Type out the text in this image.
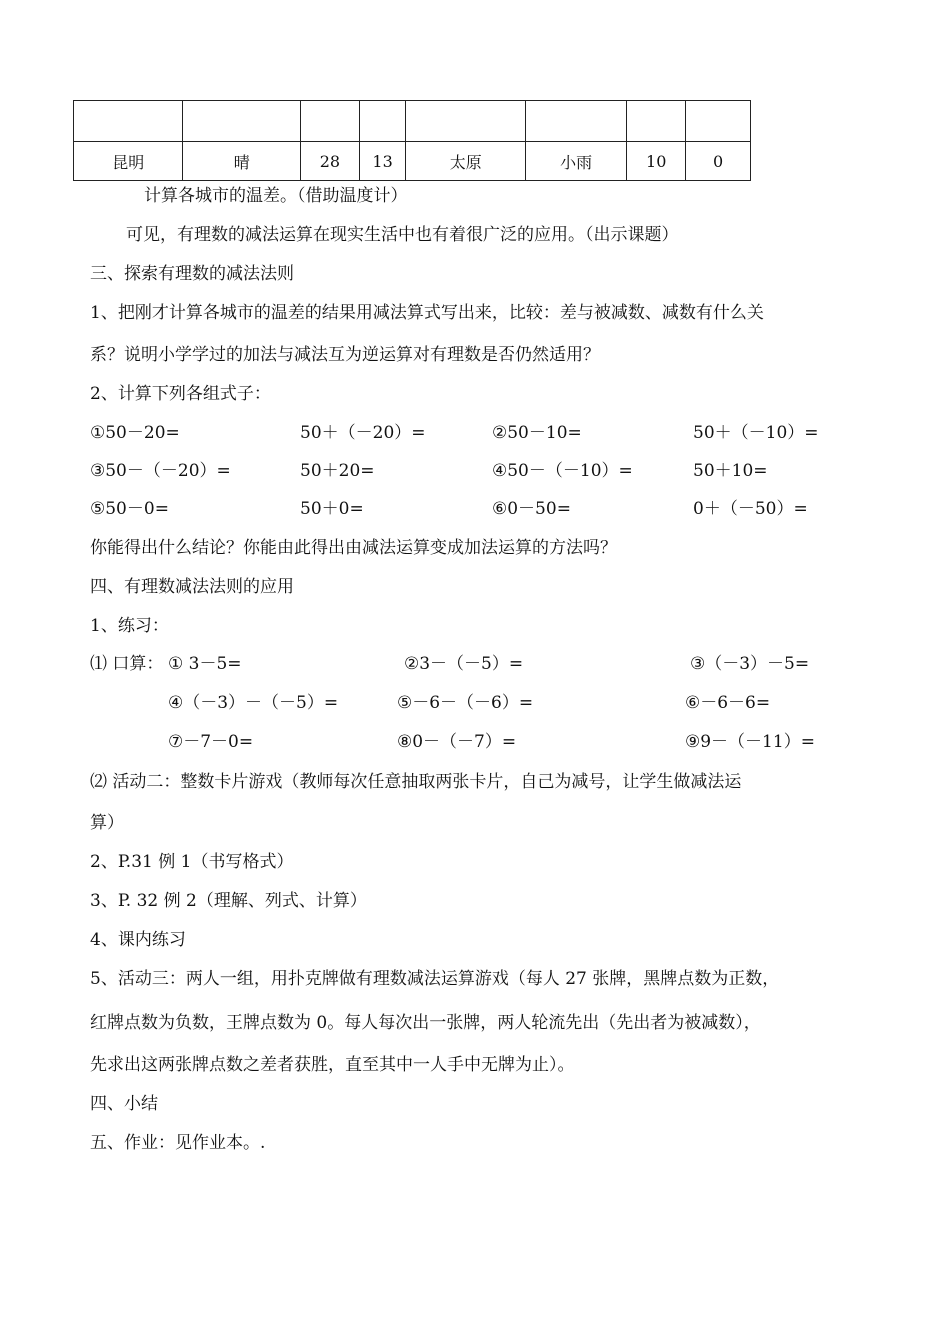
昆明	晴	28	13	太原	小雨	10	0
计算各城市的温差。（借助温度计）
可见，有理数的减法运算在现实生活中也有着很广泛的应用。（出示课题）
三、探索有理数的减法法则
1、把刚才计算各城市的温差的结果用减法算式写出来，比较：差与被减数、减数有什么关
系？说明小学学过的加法与减法互为逆运算对有理数是否仍然适用？
2、计算下列各组式子：
①50－20=	50＋（－20）=	②50－10=	50＋（－10）=
③50－（－20）=	50＋20=	④50－（－10）=	50＋10=
⑤50－0=	50＋0=	⑥0－50=	0＋（－50）=
你能得出什么结论？你能由此得出由减法运算变成加法运算的方法吗？
四、有理数减法法则的应用
1、练习：
⑴ 口算： ① 3－5=	②3－（－5）=	③（－3）－5=
④（－3）－（－5）=	⑤－6－（－6）=	⑥－6－6=
⑦－7－0=	⑧0－（－7）=	⑨9－（－11）=
⑵ 活动二：整数卡片游戏（教师每次任意抽取两张卡片，自己为减号，让学生做减法运
算）
2、P.31 例 1（书写格式）
3、P. 32 例 2（理解、列式、计算）
4、课内练习
5、活动三：两人一组，用扑克牌做有理数减法运算游戏（每人 27 张牌，黑牌点数为正数，
红牌点数为负数，王牌点数为 0。每人每次出一张牌，两人轮流先出（先出者为被减数），
先求出这两张牌点数之差者获胜，直至其中一人手中无牌为止）。
四、小结
五、作业：见作业本。.
